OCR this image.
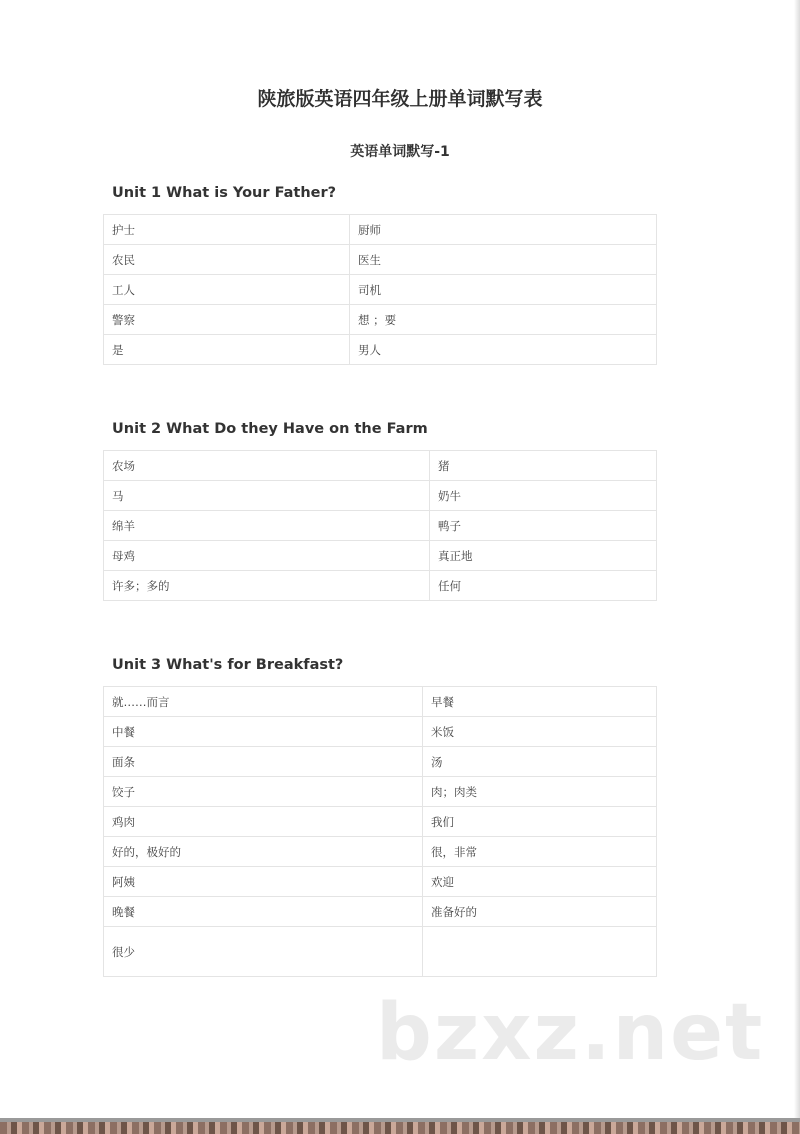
陕旅版英语四年级上册单词默写表
英语单词默写-1
Unit 1 What is Your Father?
护士	厨师
农民	医生
工人	司机
警察	想 ；要
是	男人
Unit 2 What Do they Have on the Farm
农场	猪
马	奶牛
绵羊	鸭子
母鸡	真正地
许多；多的	任何
Unit 3 What's for Breakfast?
就……而言	早餐
中餐	米饭
面条	汤
饺子	肉；肉类
鸡肉	我们
好的，极好的	很，非常
阿姨	欢迎
晚餐	准备好的
很少	
bzxz.net
